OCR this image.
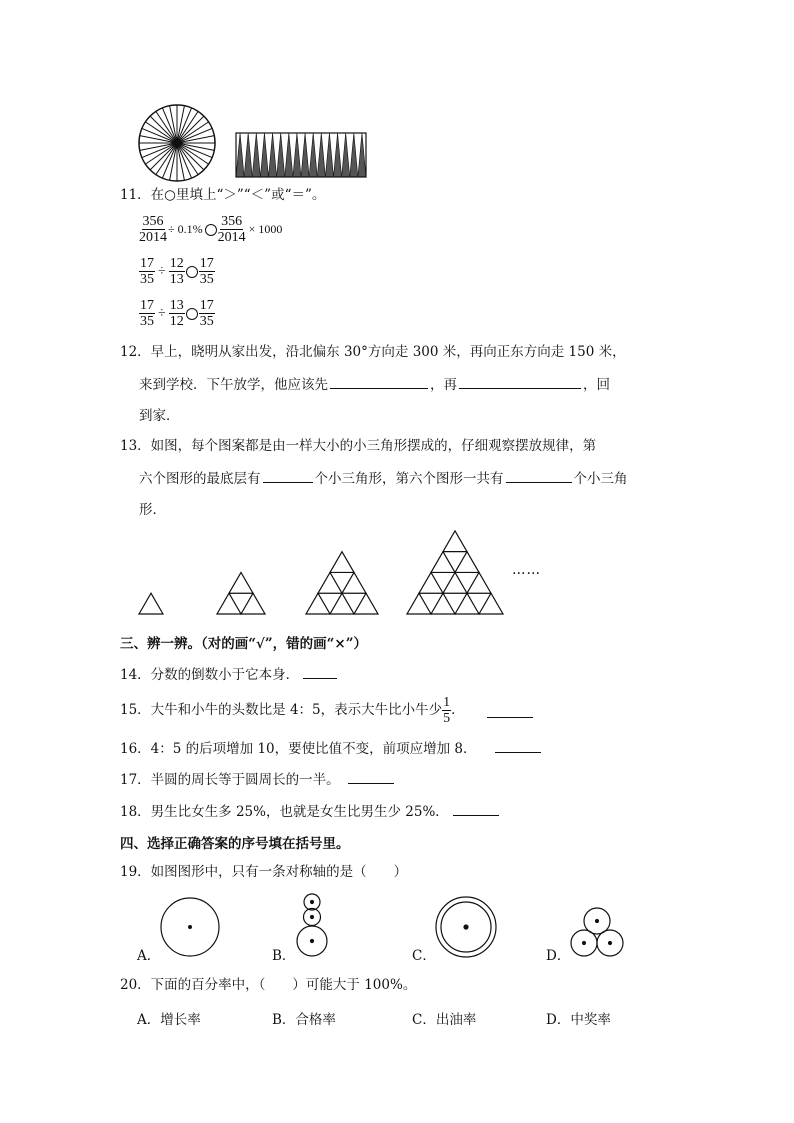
11．在○里填上“＞”“＜”或“＝”。
$\frac{356}{2014} \div 0.1\% \frac{356}{2014} \times 1000$
$\frac{17}{35} \div \frac{12}{13} \frac{17}{35}$
$\frac{17}{35} \div \frac{13}{12} \frac{17}{35}$
12．早上，晓明从家出发，沿北偏东 30°方向走 300 米，再向正东方向走 150 米，
来到学校．下午放学，他应该先	，再	，回
到家．
13．如图，每个图案都是由一样大小的小三角形摆成的，仔细观察摆放规律，第
六个图形的最底层有	个小三角形，第六个图形一共有	个小三角
形．
……
三、辨一辨。（对的画“√”，错的画“×”）
14．分数的倒数小于它本身．
15．大牛和小牛的头数比是 4：5，表示大牛比小牛少 $\frac{1}{5}$ ．
16．4：5 的后项增加 10，要使比值不变，前项应增加 8．
17．半圆的周长等于圆周长的一半。
18．男生比女生多 25%，也就是女生比男生少 25%．
四、选择正确答案的序号填在括号里。
19．如图图形中，只有一条对称轴的是（　　）
A．	B．	C．	D．
20．下面的百分率中，（　　）可能大于 100%。
A．增长率	B．合格率	C．出油率	D．中奖率
